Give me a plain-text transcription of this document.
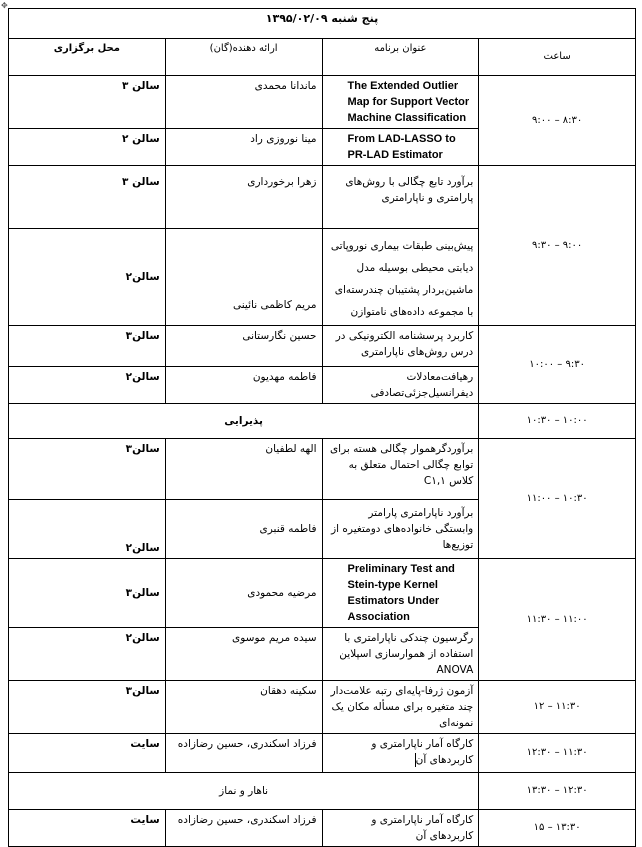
✥
پنج شنبه ۱۳۹۵/۰۲/۰۹			
ساعت	عنوان برنامه	ارائه دهنده(گان)	محل برگزاری
۸:۳۰ – ۹:۰۰	The Extended Outlier Map for Support Vector Machine Classification	ماندانا محمدی	سالن ۳
	From LAD-LASSO to PR-LAD Estimator	مینا نوروزی راد	سالن ۲
۹:۰۰ – ۹:۳۰	برآورد تابع چگالی با روش‌های پارامتری و ناپارامتری	زهرا برخورداری	سالن ۳
	پیش‌بینی طبقات بیماری نوروپاتی دیابتی محیطی بوسیله مدل ماشین‌بردار پشتیبان چندرسته‌ای با مجموعه داده‌های نامتوازن	مریم کاظمی نائینی	سالن۲
۹:۳۰ – ۱۰:۰۰	کاربرد پرسشنامه الکترونیکی در درس روش‌های ناپارامتری	حسین نگارستانی	سالن۳
	رهیافت‌معادلات دیفرانسیل‌جزئی‌تصادفی	فاطمه مهدیون	سالن۲
۱۰:۰۰ – ۱۰:۳۰	پذیرایی		
۱۰:۳۰ – ۱۱:۰۰	برآوردگرهموار چگالی هسته برای توابع چگالی احتمال متعلق به کلاس C۱,۱	الهه لطفیان	سالن۳
	برآورد ناپارامتری پارامتر وابستگی خانواده‌های دومتغیره از توزیع‌ها	فاطمه قنبری	سالن۲
۱۱:۰۰ – ۱۱:۳۰	Preliminary Test and Stein-type Kernel Estimators Under Association	مرضیه محمودی	سالن۳
	رگرسیون چندکی ناپارامتری با استفاده از هموارسازی اسپلاین ANOVA	سیده مریم موسوی	سالن۲
۱۱:۳۰ – ۱۲	آزمون ژرفا-پایه‌ای رتبه علامت‌دار چند متغیره برای مسأله مکان یک نمونه‌ای	سکینه دهقان	سالن۳
۱۱:۳۰ – ۱۲:۳۰	کارگاه آمار ناپارامتری و کاربردهای آن	فرزاد اسکندری، حسین رضازاده	سایت
۱۲:۳۰ – ۱۳:۳۰	ناهار و نماز		
۱۳:۳۰ – ۱۵	کارگاه آمار ناپارامتری و کاربردهای آن	فرزاد اسکندری، حسین رضازاده	سایت
